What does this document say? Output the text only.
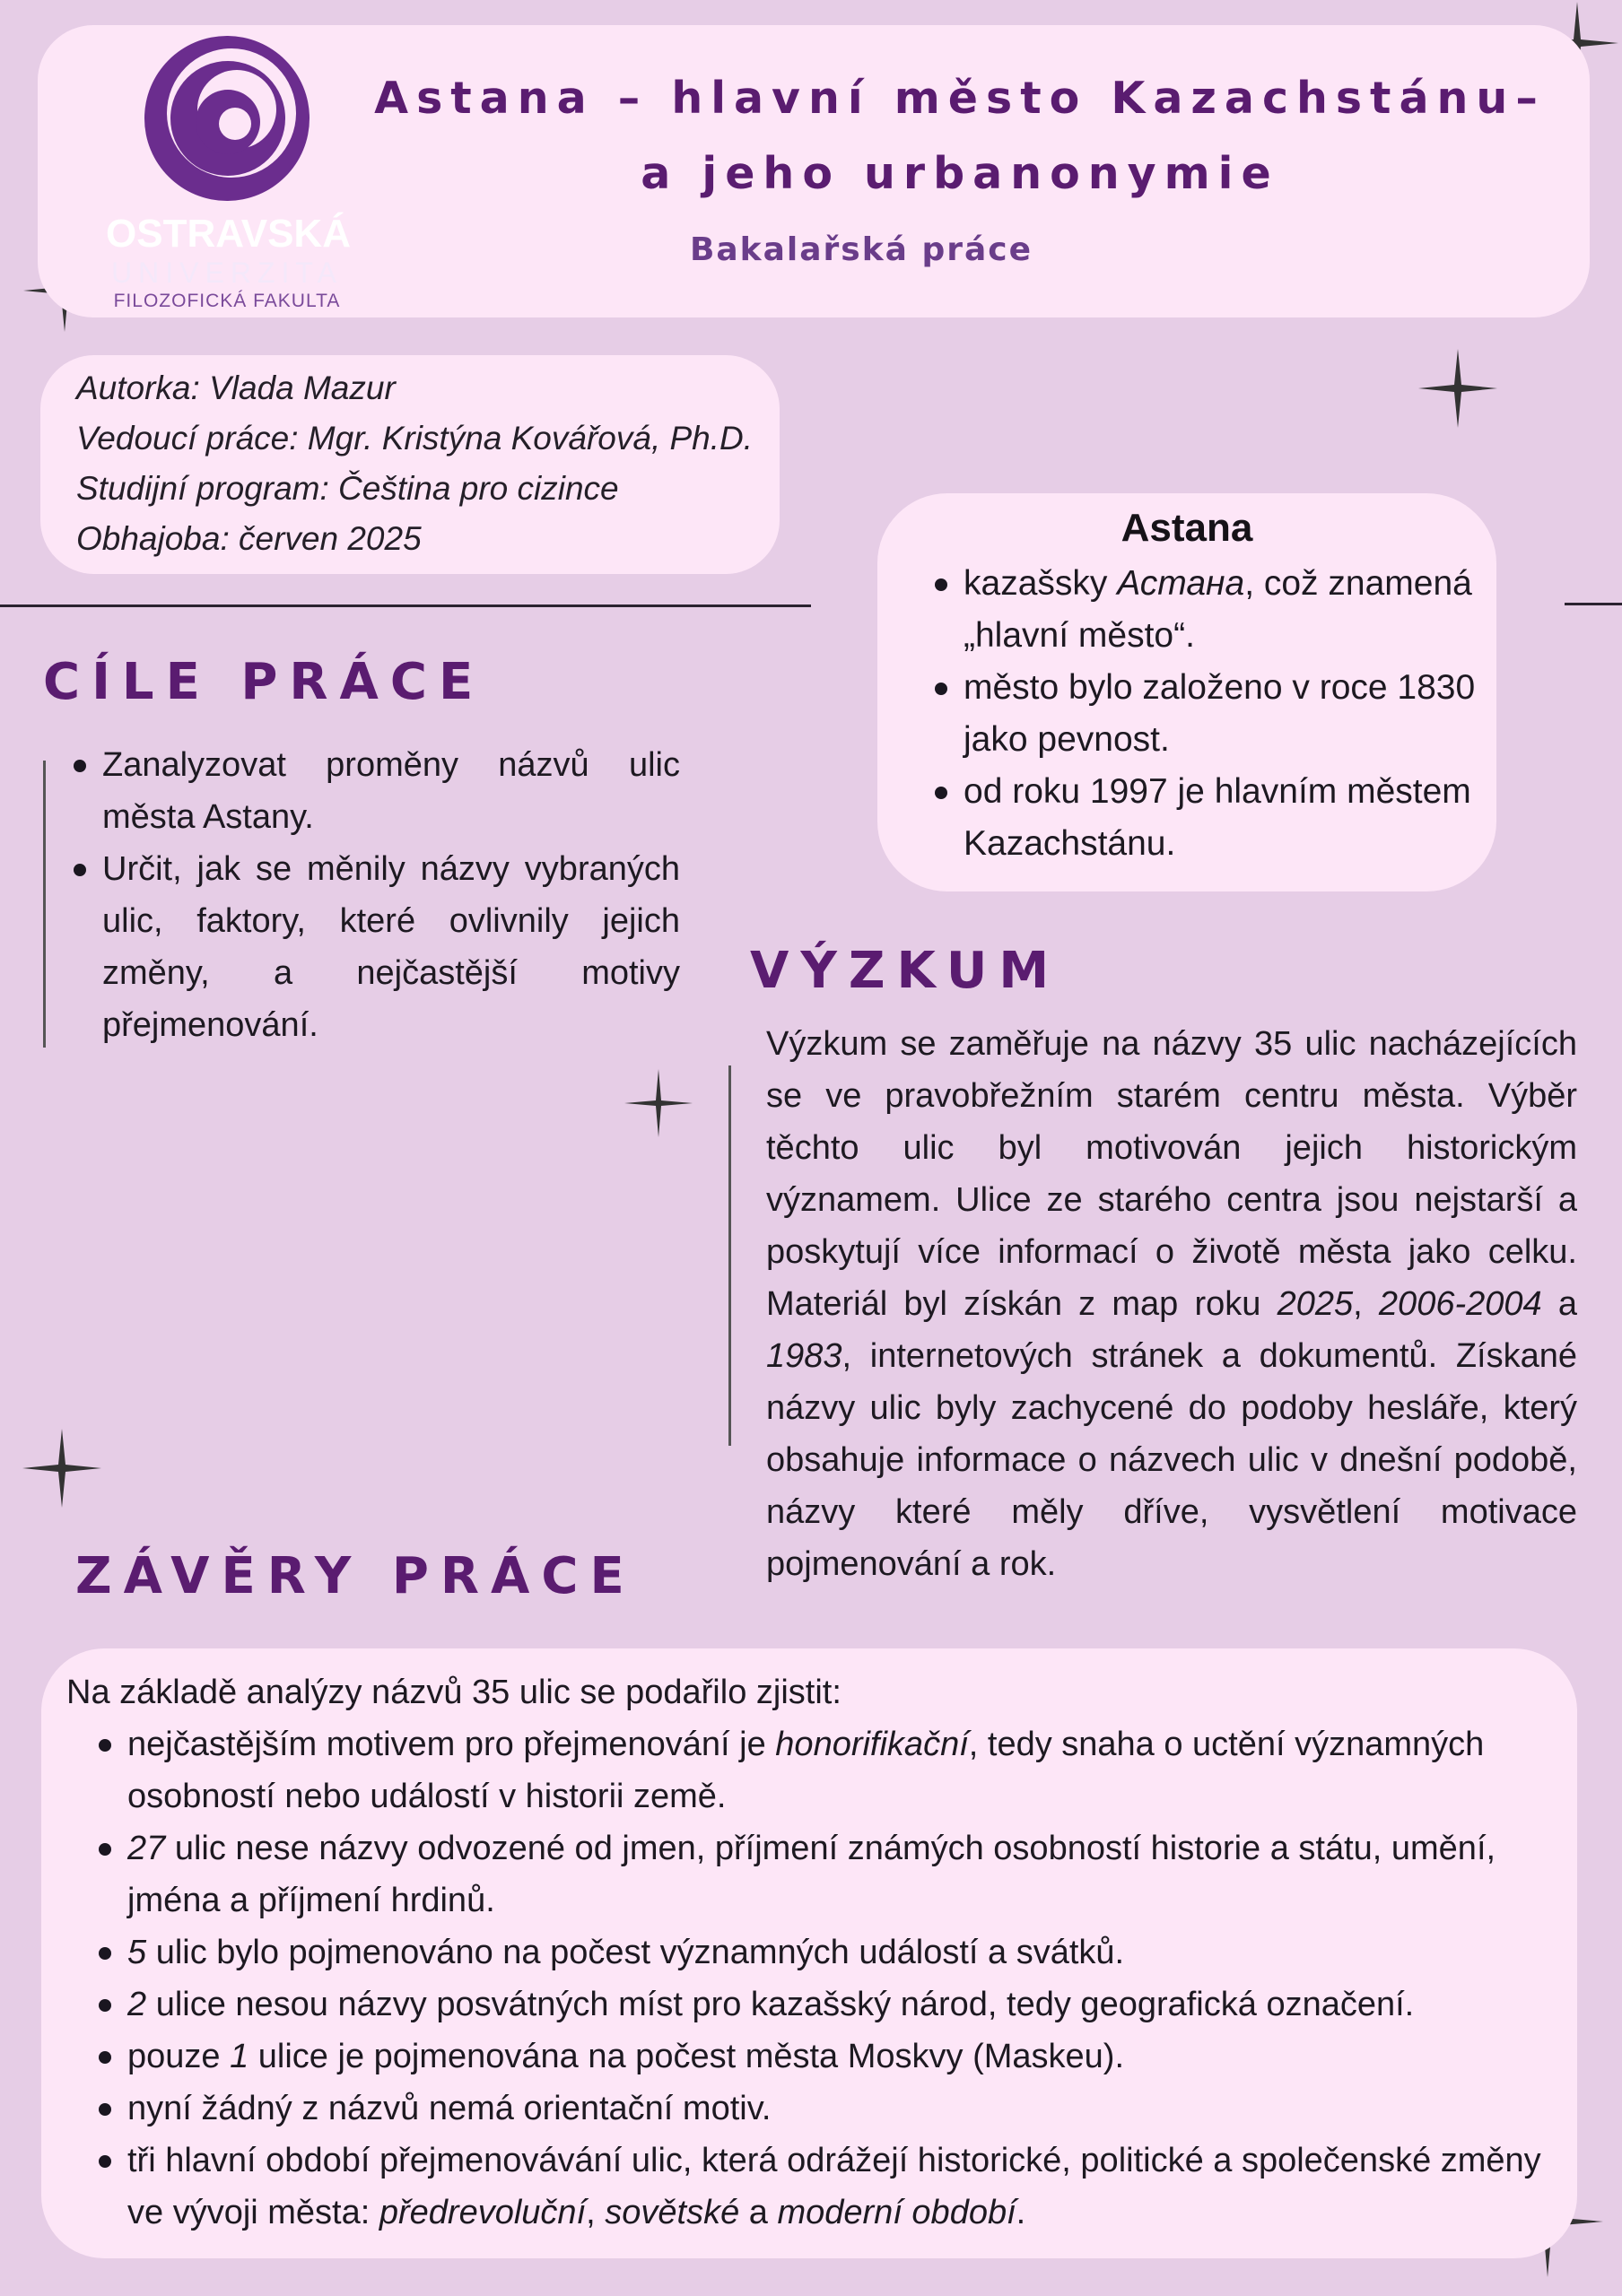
OSTRAVSKÁ
UNIVERZITA
FILOZOFICKÁ FAKULTA
Astana – hlavní město Kazachstánu–
a jeho urbanonymie
Bakalařská práce
Autorka: Vlada Mazur
Vedoucí práce: Mgr. Kristýna Kovářová, Ph.D.
Studijní program: Čeština pro cizince
Obhajoba: červen 2025	Astana
kazašsky Астана, což znamená „hlavní město“.
město bylo založeno v roce 1830 jako pevnost.
od roku 1997 je hlavním městem Kazachstánu.
CÍLE PRÁCE
Zanalyzovat proměny názvů ulic města Astany.
Určit, jak se měnily názvy vybraných ulic, faktory, které ovlivnily jejich změny, a nejčastější motivy přejmenování.
VÝZKUM

Výzkum se zaměřuje na názvy 35 ulic nacházejících se ve pravobřežním starém centru města. Výběr těchto ulic byl motivován jejich historickým významem. Ulice ze starého centra jsou nejstarší a poskytují více informací o životě města jako celku. Materiál byl získán z map roku 2025, 2006-2004 a 1983, internetových stránek a dokumentů. Získané názvy ulic byly zachycené do podoby hesláře, který obsahuje informace o názvech ulic v dnešní podobě, názvy které měly dříve, vysvětlení motivace pojmenování a rok.

ZÁVĚRY PRÁCE

Na základě analýzy názvů 35 ulic se podařilo zjistit:

nejčastějším motivem pro přejmenování je honorifikační, tedy snaha o uctění významných osobností nebo událostí v historii země.
27 ulic nese názvy odvozené od jmen, příjmení známých osobností historie a státu, umění, jména a příjmení hrdinů.
5 ulic bylo pojmenováno na počest významných událostí a svátků.
2 ulice nesou názvy posvátných míst pro kazašský národ, tedy geografická označení.
pouze 1 ulice je pojmenována na počest města Moskvy (Maskeu).
nyní žádný z názvů nemá orientační motiv.
tři hlavní období přejmenovávání ulic, která odrážejí historické, politické a společenské změny ve vývoji města: předrevoluční, sovětské a moderní období.
